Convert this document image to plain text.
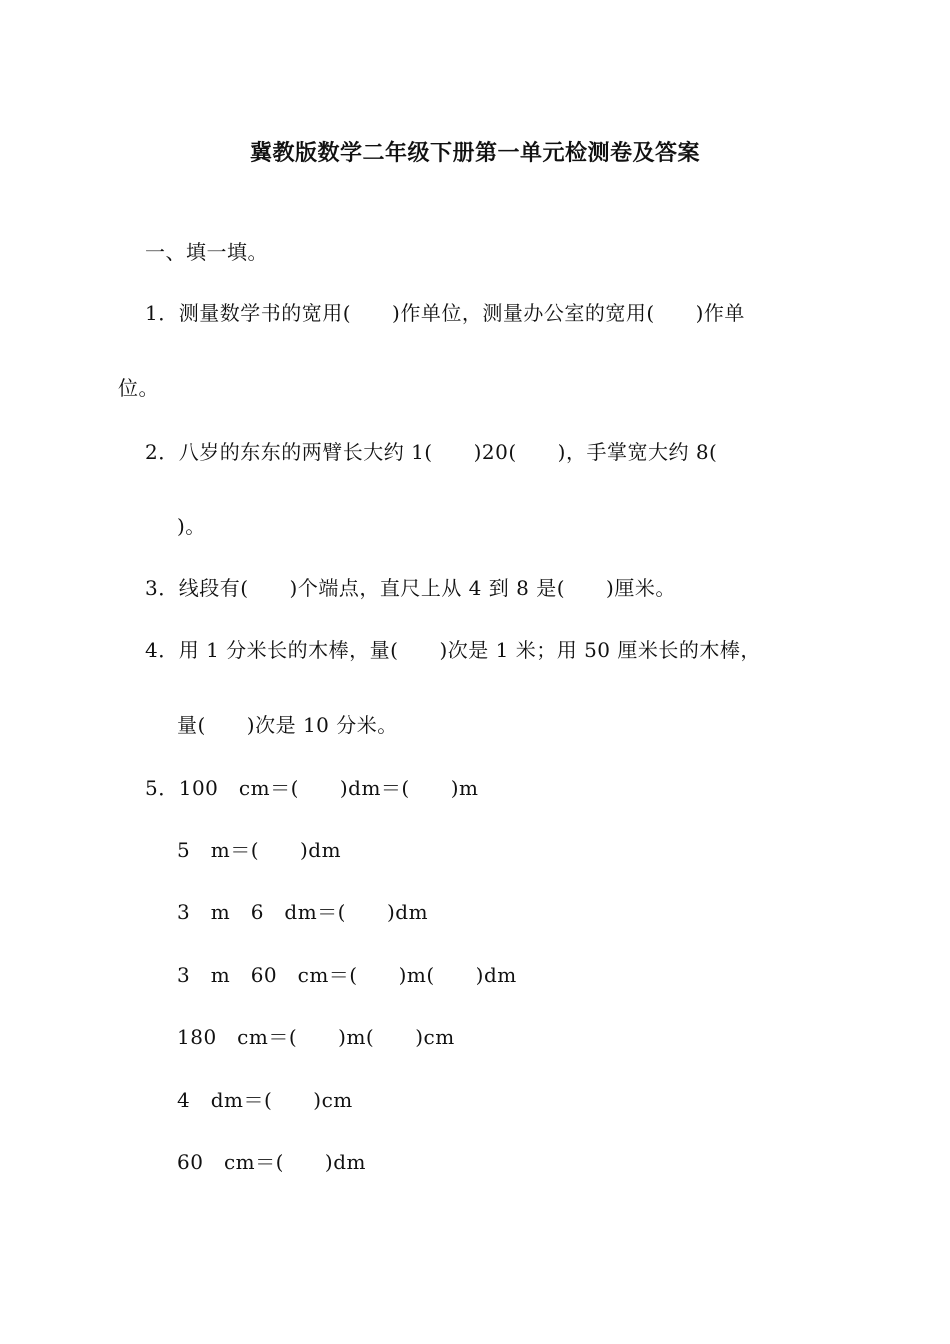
冀教版数学二年级下册第一单元检测卷及答案
一、填一填。
1．测量数学书的宽用(　　)作单位，测量办公室的宽用(　　)作单
位。
2．八岁的东东的两臂长大约 1(　　)20(　　)，手掌宽大约 8(
)。
3．线段有(　　)个端点，直尺上从 4 到 8 是(　　)厘米。
4．用 1 分米长的木棒，量(　　)次是 1 米；用 50 厘米长的木棒，
量(　　)次是 10 分米。
5．100　cm＝(　　)dm＝(　　)m
5　m＝(　　)dm
3　m　6　dm＝(　　)dm
3　m　60　cm＝(　　)m(　　)dm
180　cm＝(　　)m(　　)cm
4　dm＝(　　)cm
60　cm＝(　　)dm
